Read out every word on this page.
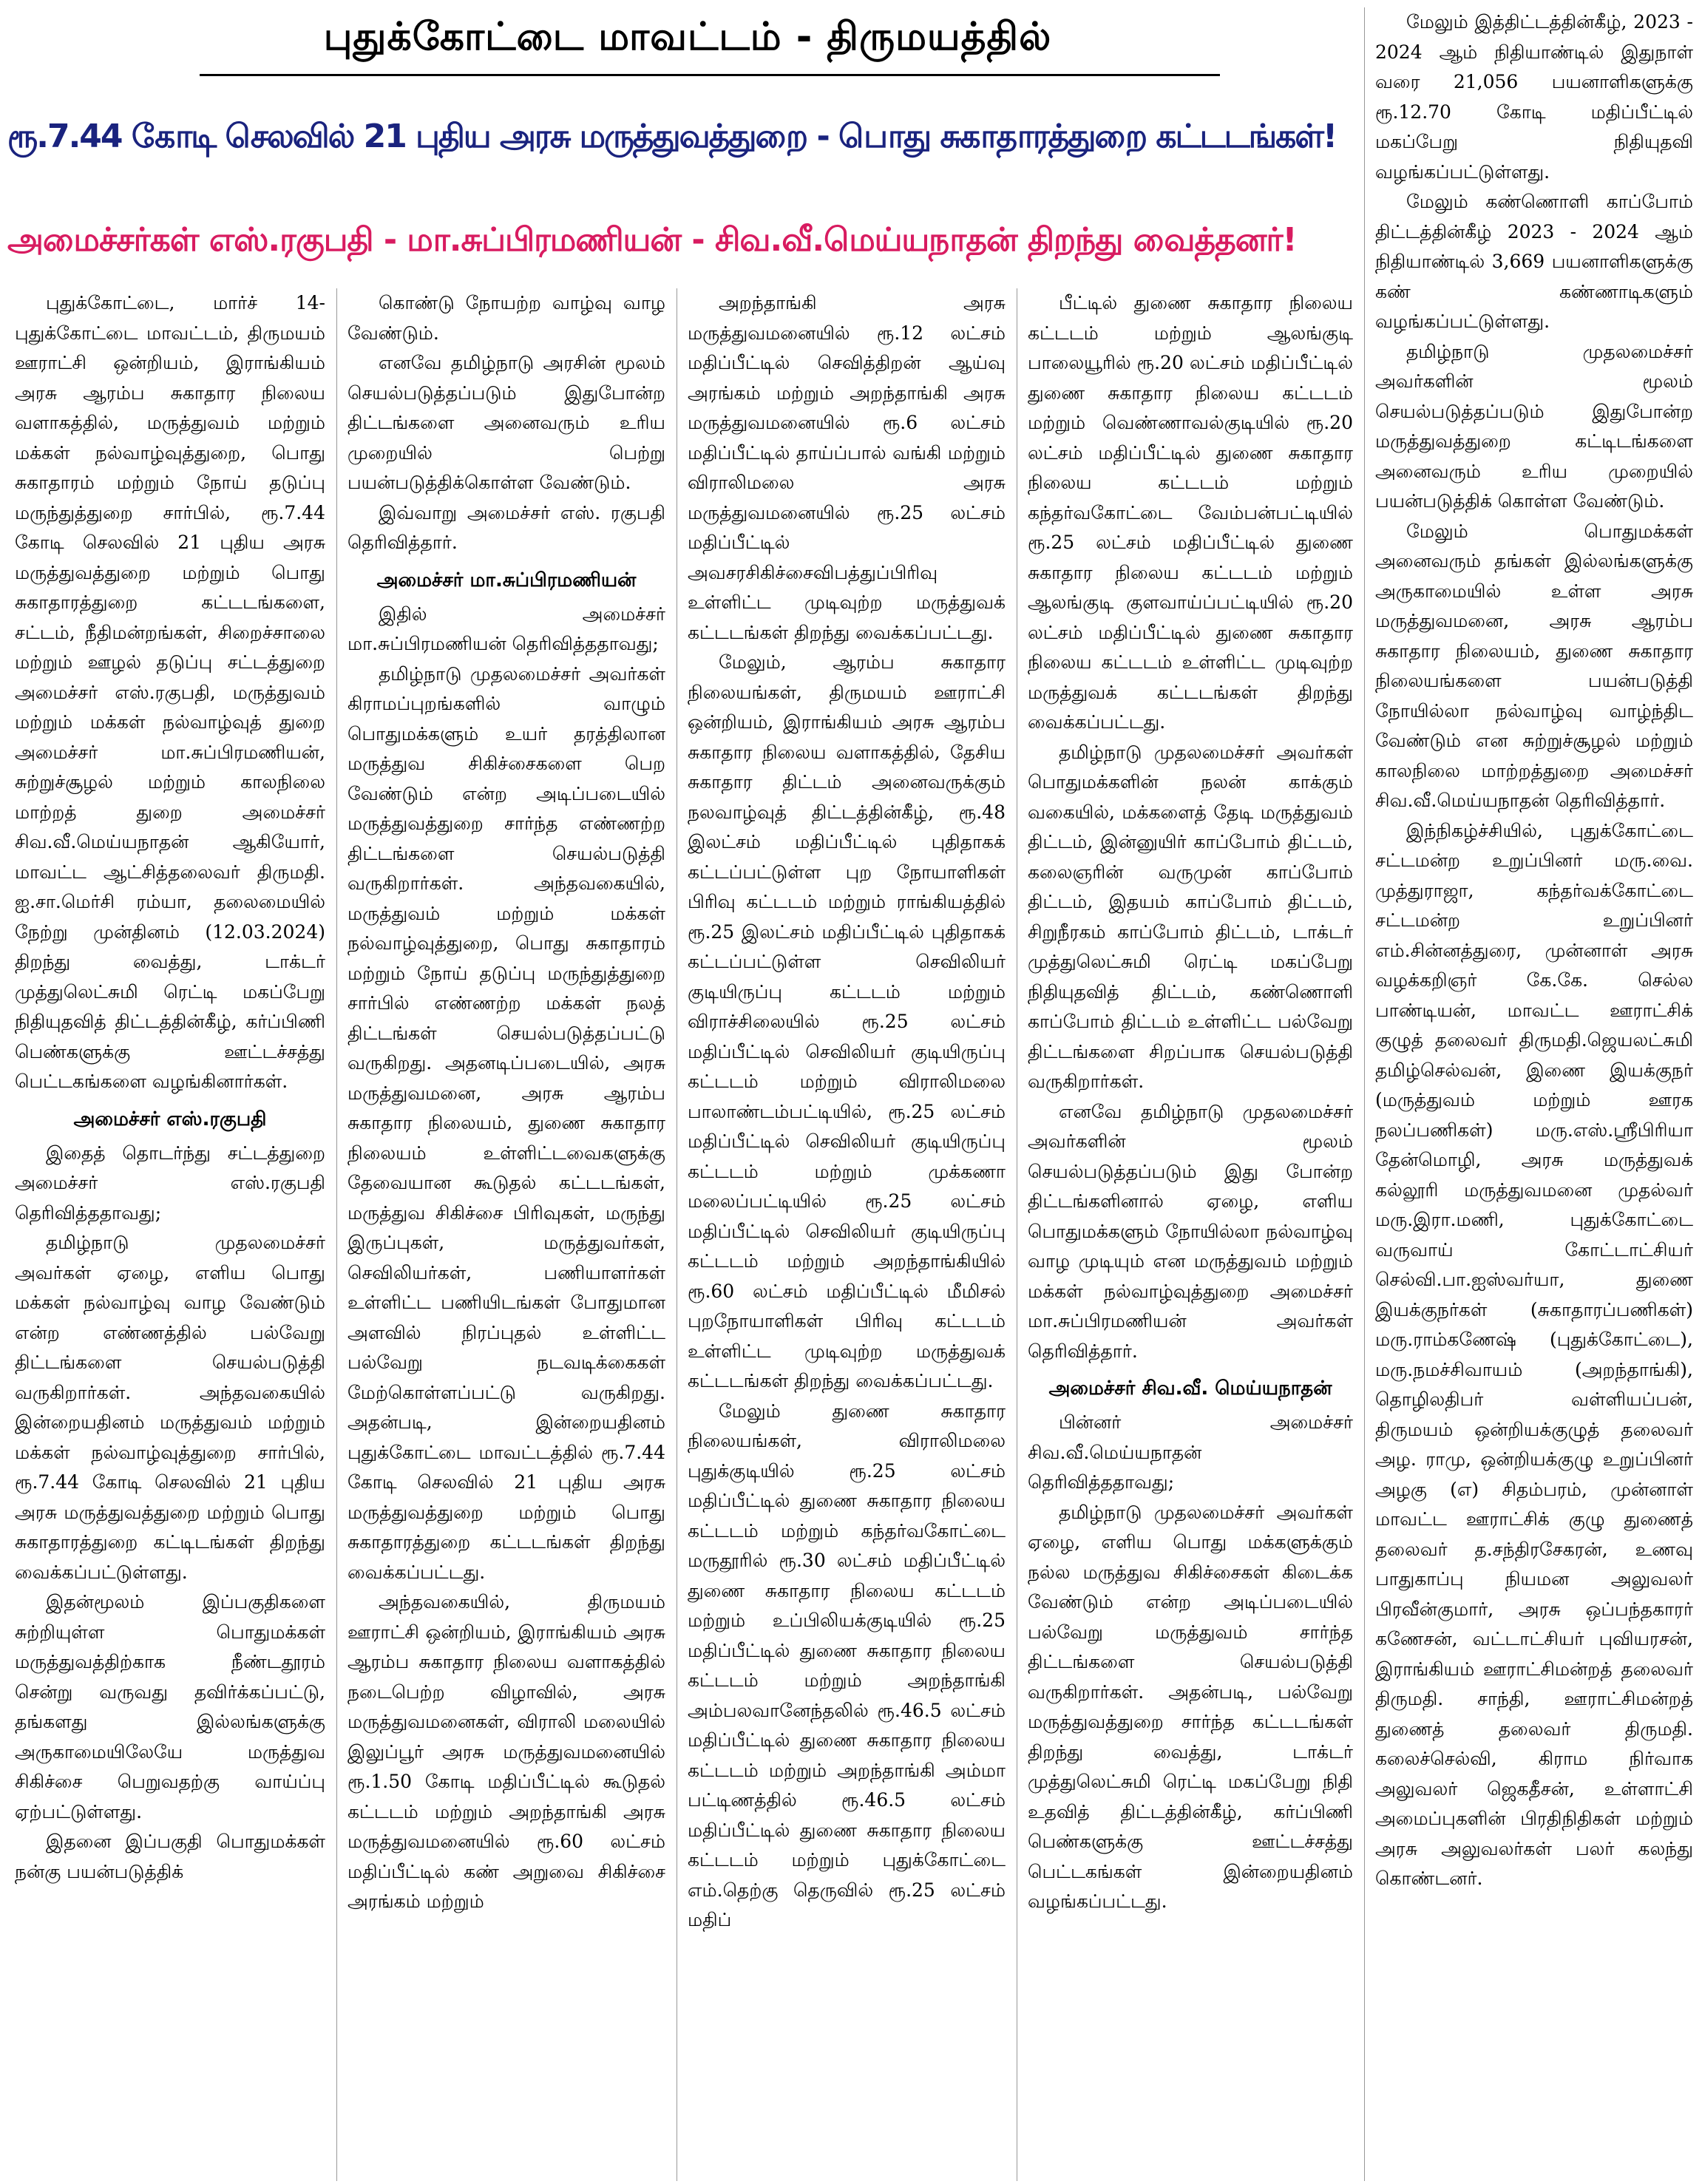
புதுக்கோட்டை மாவட்டம் - திருமயத்தில்
ரூ.7.44 கோடி செலவில் 21 புதிய அரசு மருத்துவத்துறை - பொது சுகாதாரத்துறை கட்டடங்கள்!
அமைச்சர்கள் எஸ்.ரகுபதி - மா.சுப்பிரமணியன் - சிவ.வீ.மெய்யநாதன் திறந்து வைத்தனர்!

புதுக்கோட்டை, மார்ச் 14- புதுக்கோட்டை மாவட்டம், திருமயம் ஊராட்சி ஒன்றியம், இராங்கியம் அரசு ஆரம்ப சுகாதார நிலைய வளாகத்தில், மருத்துவம் மற்றும் மக்கள் நல்வாழ்வுத்துறை, பொது சுகாதாரம் மற்றும் நோய் தடுப்பு மருந்துத்துறை சார்பில், ரூ.7.44 கோடி செலவில் 21 புதிய அரசு மருத்துவத்துறை மற்றும் பொது சுகாதாரத்துறை கட்டடங்களை, சட்டம், நீதிமன்றங்கள், சிறைச்சாலை மற்றும் ஊழல் தடுப்பு சட்டத்துறை அமைச்சர் எஸ்.ரகுபதி, மருத்துவம் மற்றும் மக்கள் நல்வாழ்வுத் துறை அமைச்சர் மா.சுப்பிரமணியன், சுற்றுச்சூழல் மற்றும் காலநிலை மாற்றத் துறை அமைச்சர் சிவ.வீ.மெய்யநாதன் ஆகியோர், மாவட்ட ஆட்சித்தலைவர் திருமதி. ஐ.சா.மெர்சி ரம்யா, தலைமையில் நேற்று முன்தினம் (12.03.2024) திறந்து வைத்து, டாக்டர் முத்துலெட்சுமி ரெட்டி மகப்பேறு நிதியுதவித் திட்டத்தின்கீழ், கர்ப்பிணி பெண்களுக்கு ஊட்டச்சத்து பெட்டகங்களை வழங்கினார்கள்.

அமைச்சர் எஸ்.ரகுபதி

இதைத் தொடர்ந்து சட்டத்துறை அமைச்சர் எஸ்.ரகுபதி தெரிவித்ததாவது;

தமிழ்நாடு முதலமைச்சர் அவர்கள் ஏழை, எளிய பொது மக்கள் நல்வாழ்வு வாழ வேண்டும் என்ற எண்ணத்தில் பல்வேறு திட்டங்களை செயல்படுத்தி வருகிறார்கள். அந்தவகையில் இன்றையதினம் மருத்துவம் மற்றும் மக்கள் நல்வாழ்வுத்துறை சார்பில், ரூ.7.44 கோடி செலவில் 21 புதிய அரசு மருத்துவத்துறை மற்றும் பொது சுகாதாரத்துறை கட்டிடங்கள் திறந்து வைக்கப்பட்டுள்ளது.

இதன்மூலம் இப்பகுதிகளை சுற்றியுள்ள பொதுமக்கள் மருத்துவத்திற்காக நீண்டதூரம் சென்று வருவது தவிர்க்கப்பட்டு, தங்களது இல்லங்களுக்கு அருகாமையிலேயே மருத்துவ சிகிச்சை பெறுவதற்கு வாய்ப்பு ஏற்பட்டுள்ளது.

இதனை இப்பகுதி பொதுமக்கள் நன்கு பயன்படுத்திக்

கொண்டு நோயற்ற வாழ்வு வாழ வேண்டும்.

எனவே தமிழ்நாடு அரசின் மூலம் செயல்படுத்தப்படும் இதுபோன்ற திட்டங்களை அனைவரும் உரிய முறையில் பெற்று பயன்படுத்திக்கொள்ள வேண்டும்.

இவ்வாறு அமைச்சர் எஸ். ரகுபதி தெரிவித்தார்.

அமைச்சர் மா.சுப்பிரமணியன்

இதில் அமைச்சர் மா.சுப்பிரமணியன் தெரிவித்ததாவது;

தமிழ்நாடு முதலமைச்சர் அவர்கள் கிராமப்புறங்களில் வாழும் பொதுமக்களும் உயர் தரத்திலான மருத்துவ சிகிச்சைகளை பெற வேண்டும் என்ற அடிப்படையில் மருத்துவத்துறை சார்ந்த எண்ணற்ற திட்டங்களை செயல்படுத்தி வருகிறார்கள். அந்தவகையில், மருத்துவம் மற்றும் மக்கள் நல்வாழ்வுத்துறை, பொது சுகாதாரம் மற்றும் நோய் தடுப்பு மருந்துத்துறை சார்பில் எண்ணற்ற மக்கள் நலத் திட்டங்கள் செயல்படுத்தப்பட்டு வருகிறது. அதனடிப்படையில், அரசு மருத்துவமனை, அரசு ஆரம்ப சுகாதார நிலையம், துணை சுகாதார நிலையம் உள்ளிட்டவைகளுக்கு தேவையான கூடுதல் கட்டடங்கள், மருத்துவ சிகிச்சை பிரிவுகள், மருந்து இருப்புகள், மருத்துவர்கள், செவிலியர்கள், பணியாளர்கள் உள்ளிட்ட பணியிடங்கள் போதுமான அளவில் நிரப்புதல் உள்ளிட்ட பல்வேறு நடவடிக்கைகள் மேற்கொள்ளப்பட்டு வருகிறது. அதன்படி, இன்றையதினம் புதுக்கோட்டை மாவட்டத்தில் ரூ.7.44 கோடி செலவில் 21 புதிய அரசு மருத்துவத்துறை மற்றும் பொது சுகாதாரத்துறை கட்டடங்கள் திறந்து வைக்கப்பட்டது.

அந்தவகையில், திருமயம் ஊராட்சி ஒன்றியம், இராங்கியம் அரசு ஆரம்ப சுகாதார நிலைய வளாகத்தில் நடைபெற்ற விழாவில், அரசு மருத்துவமனைகள், விராலி மலையில் இலுப்பூர் அரசு மருத்துவமனையில் ரூ.1.50 கோடி மதிப்பீட்டில் கூடுதல் கட்டடம் மற்றும் அறந்தாங்கி அரசு மருத்துவமனையில் ரூ.60 லட்சம் மதிப்பீட்டில் கண் அறுவை சிகிச்சை அரங்கம் மற்றும்

அறந்தாங்கி அரசு மருத்துவமனையில் ரூ.12 லட்சம் மதிப்பீட்டில் செவித்திறன் ஆய்வு அரங்கம் மற்றும் அறந்தாங்கி அரசு மருத்துவமனையில் ரூ.6 லட்சம் மதிப்பீட்டில் தாய்ப்பால் வங்கி மற்றும் விராலிமலை அரசு மருத்துவமனையில் ரூ.25 லட்சம் மதிப்பீட்டில் அவசரசிகிச்சைவிபத்துப்பிரிவு உள்ளிட்ட முடிவுற்ற மருத்துவக் கட்டடங்கள் திறந்து வைக்கப்பட்டது.

மேலும், ஆரம்ப சுகாதார நிலையங்கள், திருமயம் ஊராட்சி ஒன்றியம், இராங்கியம் அரசு ஆரம்ப சுகாதார நிலைய வளாகத்தில், தேசிய சுகாதார திட்டம் அனைவருக்கும் நலவாழ்வுத் திட்டத்தின்கீழ், ரூ.48 இலட்சம் மதிப்பீட்டில் புதிதாகக் கட்டப்பட்டுள்ள புற நோயாளிகள் பிரிவு கட்டடம் மற்றும் ராங்கியத்தில் ரூ.25 இலட்சம் மதிப்பீட்டில் புதிதாகக் கட்டப்பட்டுள்ள செவிலியர் குடியிருப்பு கட்டடம் மற்றும் விராச்சிலையில் ரூ.25 லட்சம் மதிப்பீட்டில் செவிலியர் குடியிருப்பு கட்டடம் மற்றும் விராலிமலை பாலாண்டம்பட்டியில், ரூ.25 லட்சம் மதிப்பீட்டில் செவிலியர் குடியிருப்பு கட்டடம் மற்றும் முக்கணா மலைப்பட்டியில் ரூ.25 லட்சம் மதிப்பீட்டில் செவிலியர் குடியிருப்பு கட்டடம் மற்றும் அறந்தாங்கியில் ரூ.60 லட்சம் மதிப்பீட்டில் மீமிசல் புறநோயாளிகள் பிரிவு கட்டடம் உள்ளிட்ட முடிவுற்ற மருத்துவக் கட்டடங்கள் திறந்து வைக்கப்பட்டது.

மேலும் துணை சுகாதார நிலையங்கள், விராலிமலை புதுக்குடியில் ரூ.25 லட்சம் மதிப்பீட்டில் துணை சுகாதார நிலைய கட்டடம் மற்றும் கந்தர்வகோட்டை மருதூரில் ரூ.30 லட்சம் மதிப்பீட்டில் துணை சுகாதார நிலைய கட்டடம் மற்றும் உப்பிலியக்குடியில் ரூ.25 மதிப்பீட்டில் துணை சுகாதார நிலைய கட்டடம் மற்றும் அறந்தாங்கி அம்பலவானேந்தலில் ரூ.46.5 லட்சம் மதிப்பீட்டில் துணை சுகாதார நிலைய கட்டடம் மற்றும் அறந்தாங்கி அம்மா பட்டிணத்தில் ரூ.46.5 லட்சம் மதிப்பீட்டில் துணை சுகாதார நிலைய கட்டடம் மற்றும் புதுக்கோட்டை எம்.தெற்கு தெருவில் ரூ.25 லட்சம் மதிப்

பீட்டில் துணை சுகாதார நிலைய கட்டடம் மற்றும் ஆலங்குடி பாலையூரில் ரூ.20 லட்சம் மதிப்பீட்டில் துணை சுகாதார நிலைய கட்டடம் மற்றும் வெண்ணாவல்குடியில் ரூ.20 லட்சம் மதிப்பீட்டில் துணை சுகாதார நிலைய கட்டடம் மற்றும் கந்தர்வகோட்டை வேம்பன்பட்டியில் ரூ.25 லட்சம் மதிப்பீட்டில் துணை சுகாதார நிலைய கட்டடம் மற்றும் ஆலங்குடி குளவாய்ப்பட்டியில் ரூ.20 லட்சம் மதிப்பீட்டில் துணை சுகாதார நிலைய கட்டடம் உள்ளிட்ட முடிவுற்ற மருத்துவக் கட்டடங்கள் திறந்து வைக்கப்பட்டது.

தமிழ்நாடு முதலமைச்சர் அவர்கள் பொதுமக்களின் நலன் காக்கும் வகையில், மக்களைத் தேடி மருத்துவம் திட்டம், இன்னுயிர் காப்போம் திட்டம், கலைஞரின் வருமுன் காப்போம் திட்டம், இதயம் காப்போம் திட்டம், சிறுநீரகம் காப்போம் திட்டம், டாக்டர் முத்துலெட்சுமி ரெட்டி மகப்பேறு நிதியுதவித் திட்டம், கண்ணொளி காப்போம் திட்டம் உள்ளிட்ட பல்வேறு திட்டங்களை சிறப்பாக செயல்படுத்தி வருகிறார்கள்.

எனவே தமிழ்நாடு முதலமைச்சர் அவர்களின் மூலம் செயல்படுத்தப்படும் இது போன்ற திட்டங்களினால் ஏழை, எளிய பொதுமக்களும் நோயில்லா நல்வாழ்வு வாழ முடியும் என மருத்துவம் மற்றும் மக்கள் நல்வாழ்வுத்துறை அமைச்சர் மா.சுப்பிரமணியன் அவர்கள் தெரிவித்தார்.

அமைச்சர் சிவ.வீ. மெய்யநாதன்

பின்னர் அமைச்சர் சிவ.வீ.மெய்யநாதன் தெரிவித்ததாவது;

தமிழ்நாடு முதலமைச்சர் அவர்கள் ஏழை, எளிய பொது மக்களுக்கும் நல்ல மருத்துவ சிகிச்சைகள் கிடைக்க வேண்டும் என்ற அடிப்படையில் பல்வேறு மருத்துவம் சார்ந்த திட்டங்களை செயல்படுத்தி வருகிறார்கள். அதன்படி, பல்வேறு மருத்துவத்துறை சார்ந்த கட்டடங்கள் திறந்து வைத்து, டாக்டர் முத்துலெட்சுமி ரெட்டி மகப்பேறு நிதி உதவித் திட்டத்தின்கீழ், கர்ப்பிணி பெண்களுக்கு ஊட்டச்சத்து பெட்டகங்கள் இன்றையதினம் வழங்கப்பட்டது.

மேலும் இத்திட்டத்தின்கீழ், 2023 - 2024 ஆம் நிதியாண்டில் இதுநாள் வரை 21,056 பயனாளிகளுக்கு ரூ.12.70 கோடி மதிப்பீட்டில் மகப்பேறு நிதியுதவி வழங்கப்பட்டுள்ளது.

மேலும் கண்ணொளி காப்போம் திட்டத்தின்கீழ் 2023 - 2024 ஆம் நிதியாண்டில் 3,669 பயனாளிகளுக்கு கண் கண்ணாடிகளும் வழங்கப்பட்டுள்ளது.

தமிழ்நாடு முதலமைச்சர் அவர்களின் மூலம் செயல்படுத்தப்படும் இதுபோன்ற மருத்துவத்துறை கட்டிடங்களை அனைவரும் உரிய முறையில் பயன்படுத்திக் கொள்ள வேண்டும்.

மேலும் பொதுமக்கள் அனைவரும் தங்கள் இல்லங்களுக்கு அருகாமையில் உள்ள அரசு மருத்துவமனை, அரசு ஆரம்ப சுகாதார நிலையம், துணை சுகாதார நிலையங்களை பயன்படுத்தி நோயில்லா நல்வாழ்வு வாழ்ந்திட வேண்டும் என சுற்றுச்சூழல் மற்றும் காலநிலை மாற்றத்துறை அமைச்சர் சிவ.வீ.மெய்யநாதன் தெரிவித்தார்.

இந்நிகழ்ச்சியில், புதுக்கோட்டை சட்டமன்ற உறுப்பினர் மரு.வை. முத்துராஜா, கந்தர்வக்கோட்டை சட்டமன்ற உறுப்பினர் எம்.சின்னத்துரை, முன்னாள் அரசு வழக்கறிஞர் கே.கே. செல்ல பாண்டியன், மாவட்ட ஊராட்சிக் குழுத் தலைவர் திருமதி.ஜெயலட்சுமி தமிழ்செல்வன், இணை இயக்குநர் (மருத்துவம் மற்றும் ஊரக நலப்பணிகள்) மரு.எஸ்.ஸ்ரீபிரியா தேன்மொழி, அரசு மருத்துவக் கல்லூரி மருத்துவமனை முதல்வர் மரு.இரா.மணி, புதுக்கோட்டை வருவாய் கோட்டாட்சியர் செல்வி.பா.ஐஸ்வர்யா, துணை இயக்குநர்கள் (சுகாதாரப்பணிகள்) மரு.ராம்கணேஷ் (புதுக்கோட்டை), மரு.நமச்சிவாயம் (அறந்தாங்கி), தொழிலதிபர் வள்ளியப்பன், திருமயம் ஒன்றியக்குழுத் தலைவர் அழ. ராமு, ஒன்றியக்குழு உறுப்பினர் அழகு (எ) சிதம்பரம், முன்னாள் மாவட்ட ஊராட்சிக் குழு துணைத் தலைவர் த.சந்திரசேகரன், உணவு பாதுகாப்பு நியமன அலுவலர் பிரவீன்குமார், அரசு ஒப்பந்தகாரர் கணேசன், வட்டாட்சியர் புவியரசன், இராங்கியம் ஊராட்சிமன்றத் தலைவர் திருமதி. சாந்தி, ஊராட்சிமன்றத் துணைத் தலைவர் திருமதி. கலைச்செல்வி, கிராம நிர்வாக அலுவலர் ஜெகதீசன், உள்ளாட்சி அமைப்புகளின் பிரதிநிதிகள் மற்றும் அரசு அலுவலர்கள் பலர் கலந்து கொண்டனர்.
